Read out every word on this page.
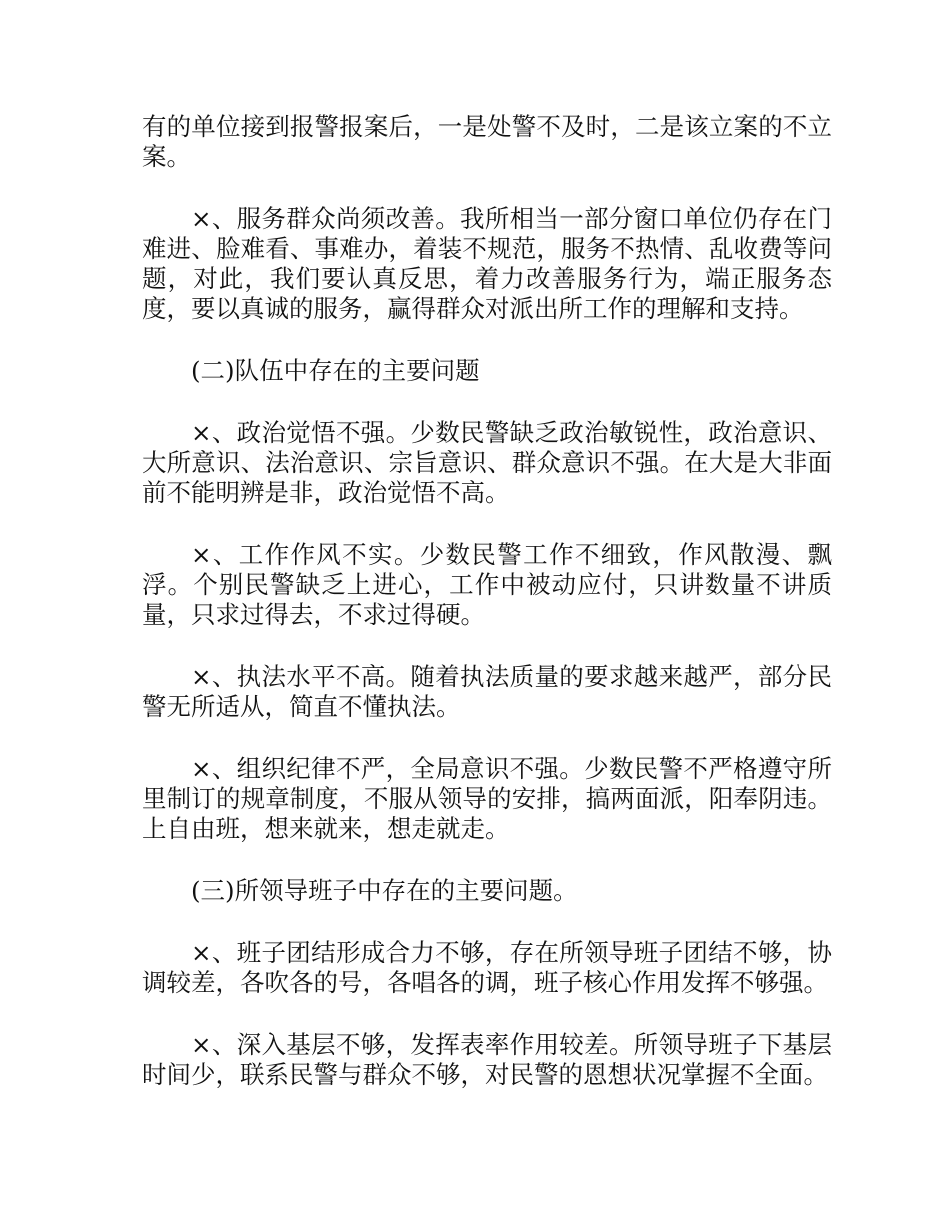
有的单位接到报警报案后，一是处警不及时，二是该立案的不立案。

×、服务群众尚须改善。我所相当一部分窗口单位仍存在门难进、脸难看、事难办，着装不规范，服务不热情、乱收费等问题，对此，我们要认真反思，着力改善服务行为，端正服务态度，要以真诚的服务，赢得群众对派出所工作的理解和支持。

(二)队伍中存在的主要问题

×、政治觉悟不强。少数民警缺乏政治敏锐性，政治意识、大所意识、法治意识、宗旨意识、群众意识不强。在大是大非面前不能明辨是非，政治觉悟不高。

×、工作作风不实。少数民警工作不细致，作风散漫、飘浮。个别民警缺乏上进心，工作中被动应付，只讲数量不讲质量，只求过得去，不求过得硬。

×、执法水平不高。随着执法质量的要求越来越严，部分民警无所适从，简直不懂执法。

×、组织纪律不严，全局意识不强。少数民警不严格遵守所里制订的规章制度，不服从领导的安排，搞两面派，阳奉阴违。上自由班，想来就来，想走就走。

(三)所领导班子中存在的主要问题。

×、班子团结形成合力不够，存在所领导班子团结不够，协调较差，各吹各的号，各唱各的调，班子核心作用发挥不够强。

×、深入基层不够，发挥表率作用较差。所领导班子下基层时间少，联系民警与群众不够，对民警的恩想状况掌握不全面。
